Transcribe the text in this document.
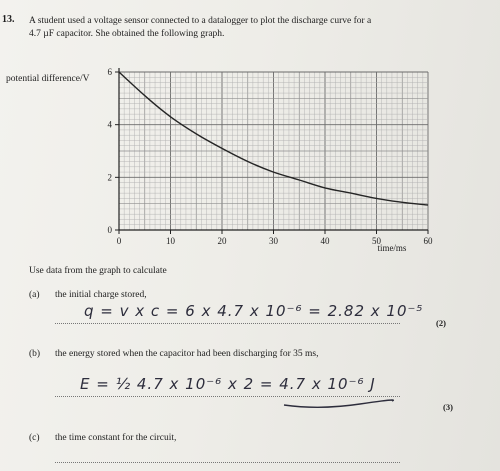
13. A student used a voltage sensor connected to a datalogger to plot the discharge curve for a
4.7 µF capacitor. She obtained the following graph.
potential difference/V
0	10	20	30	40	50	60
0
2
4
6
time/ms
Use data from the graph to calculate
(a) the initial charge stored,
q = v x c = 6 x 4.7 x 10⁻⁶ = 2.82 x 10⁻⁵
(2)
(b) the energy stored when the capacitor had been discharging for 35 ms,
E = ½ 4.7 x 10⁻⁶ x 2 = 4.7 x 10⁻⁶ J
(3)
(c) the time constant for the circuit,
